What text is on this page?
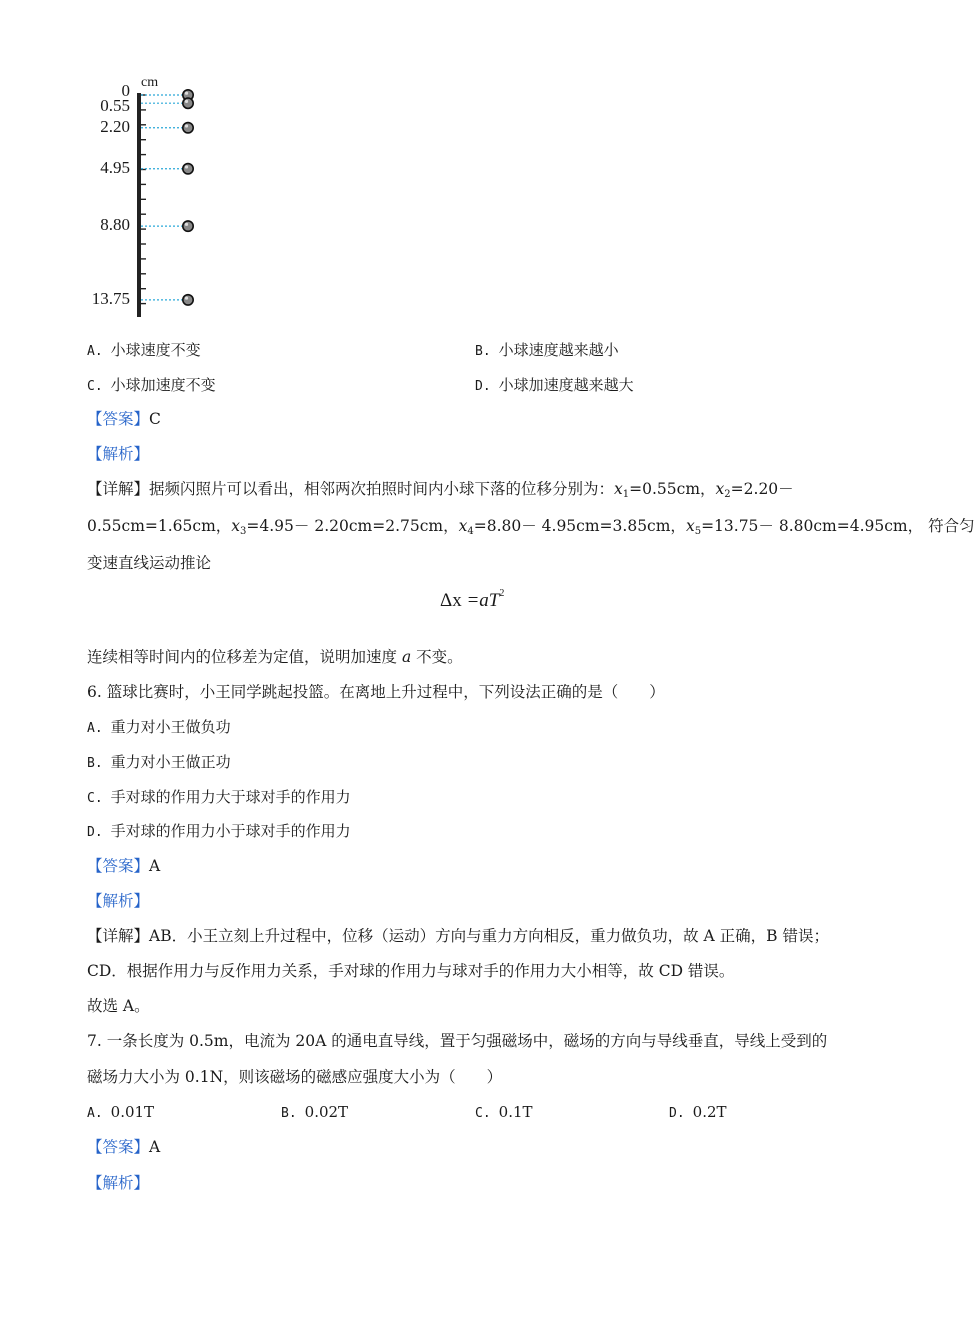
cm
0
0.55
2.20
4.95
8.80
13.75
A. 小球速度不变	B. 小球速度越来越小
C. 小球加速度不变	D. 小球加速度越来越大
【答案】C
【解析】
【详解】据频闪照片可以看出，相邻两次拍照时间内小球下落的位移分别为：$x_1=0.55cm$，$x_2=2.20-$
0.55cm=1.65cm，$x_3=4.95- 2.20cm=2.75cm$，$x_4=8.80- 4.95cm=3.85cm$，$x_5=13.75- 8.80cm=4.95cm$， 符合匀
变速直线运动推论
$\Delta x =aT^2$
连续相等时间内的位移差为定值，说明加速度 a 不变。
6. 篮球比赛时，小王同学跳起投篮。在离地上升过程中，下列设法正确的是（　　）
A. 重力对小王做负功
B. 重力对小王做正功
C. 手对球的作用力大于球对手的作用力
D. 手对球的作用力小于球对手的作用力
【答案】A
【解析】
【详解】AB．小王立刻上升过程中，位移（运动）方向与重力方向相反，重力做负功，故 A 正确，B 错误；
CD．根据作用力与反作用力关系，手对球的作用力与球对手的作用力大小相等，故 CD 错误。
故选 A。
7. 一条长度为 0.5m，电流为 20A 的通电直导线，置于匀强磁场中，磁场的方向与导线垂直，导线上受到的
磁场力大小为 0.1N，则该磁场的磁感应强度大小为（　　）
A. 0.01T	B. 0.02T	C. 0.1T	D. 0.2T
【答案】A
【解析】
